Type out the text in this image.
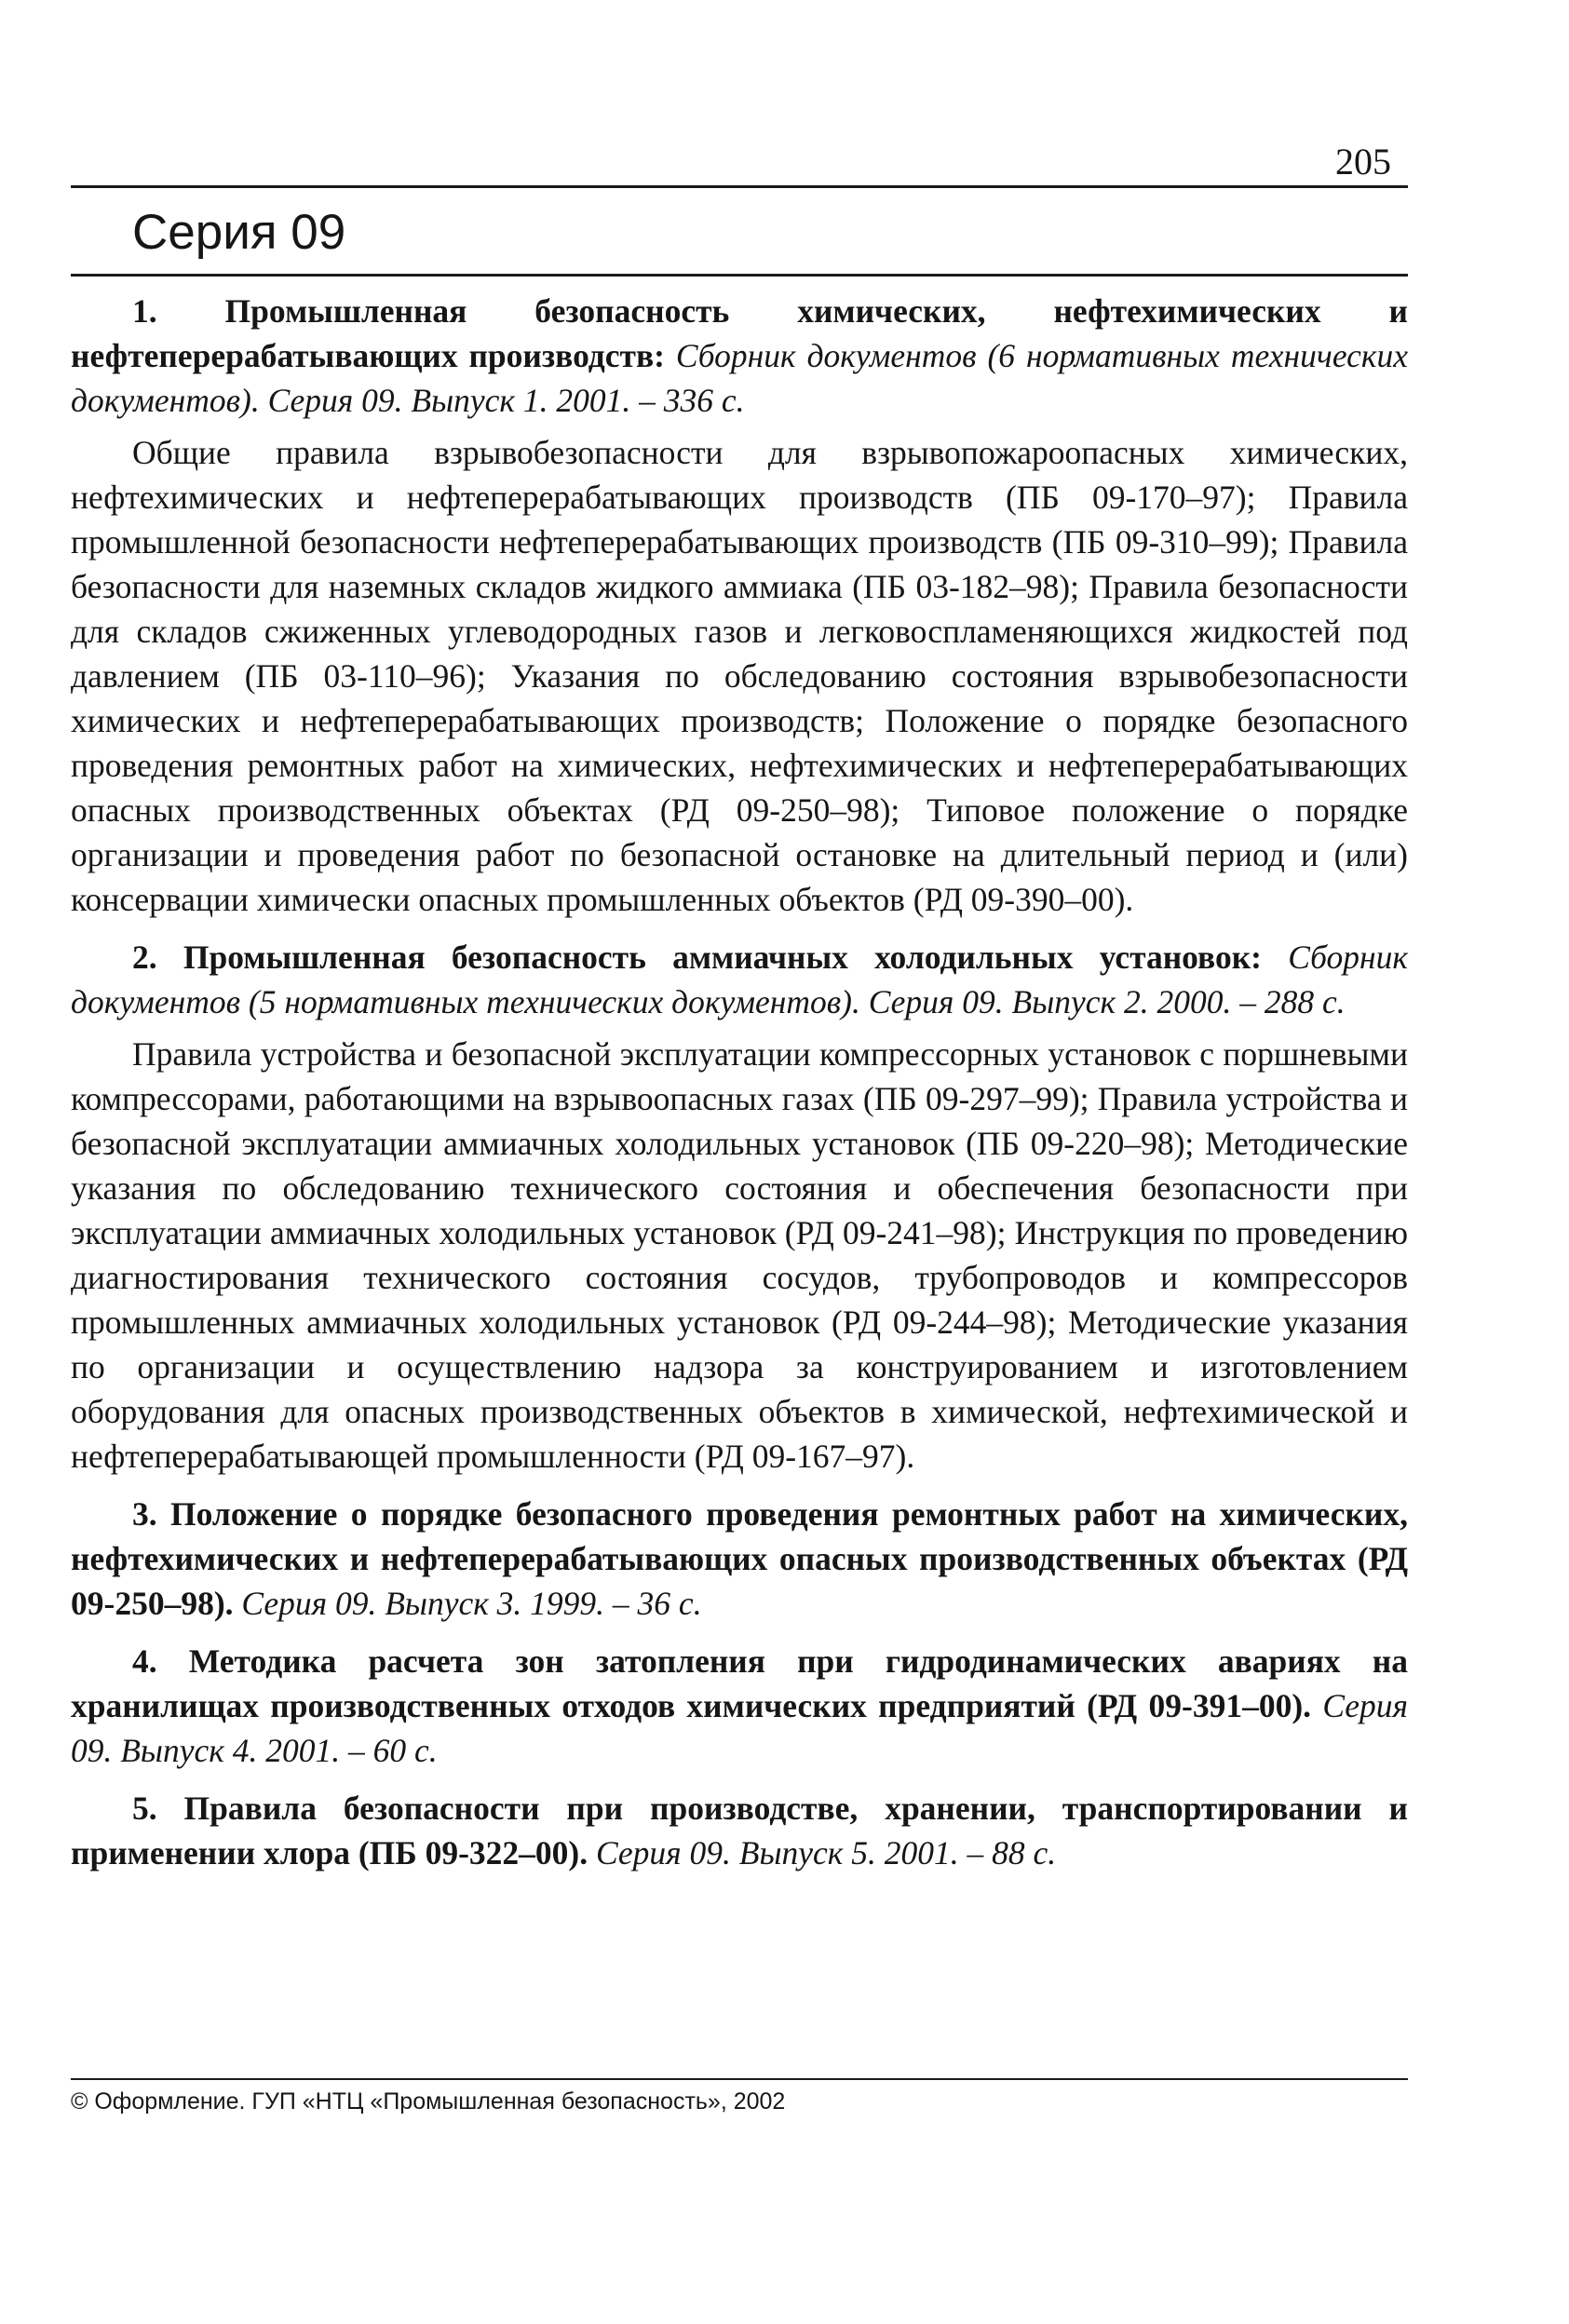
205
Серия 09

1. Промышленная безопасность химических, нефтехимических и нефтеперерабатывающих производств: Сборник документов (6 нормативных технических документов). Серия 09. Выпуск 1. 2001. – 336 с.

Общие правила взрывобезопасности для взрывопожароопасных химических, нефтехимических и нефтеперерабатывающих производств (ПБ 09-170–97); Правила промышленной безопасности нефтеперерабатывающих производств (ПБ 09-310–99); Правила безопасности для наземных складов жидкого аммиака (ПБ 03-182–98); Правила безопасности для складов сжиженных углеводородных газов и легковоспламеняющихся жидкостей под давлением (ПБ 03-110–96); Указания по обследованию состояния взрывобезопасности химических и нефтеперерабатывающих производств; Положение о порядке безопасного проведения ремонтных работ на химических, нефтехимических и нефтеперерабатывающих опасных производственных объектах (РД 09-250–98); Типовое положение о порядке организации и проведения работ по безопасной остановке на длительный период и (или) консервации химически опасных промышленных объектов (РД 09-390–00).

2. Промышленная безопасность аммиачных холодильных установок: Сборник документов (5 нормативных технических документов). Серия 09. Выпуск 2. 2000. – 288 с.

Правила устройства и безопасной эксплуатации компрессорных установок с поршневыми компрессорами, работающими на взрывоопасных газах (ПБ 09-297–99); Правила устройства и безопасной эксплуатации аммиачных холодильных установок (ПБ 09-220–98); Методические указания по обследованию технического состояния и обеспечения безопасности при эксплуатации аммиачных холодильных установок (РД 09-241–98); Инструкция по проведению диагностирования технического состояния сосудов, трубопроводов и компрессоров промышленных аммиачных холодильных установок (РД 09-244–98); Методические указания по организации и осуществлению надзора за конструированием и изготовлением оборудования для опасных производственных объектов в химической, нефтехимической и нефтеперерабатывающей промышленности (РД 09-167–97).

3. Положение о порядке безопасного проведения ремонтных работ на химических, нефтехимических и нефтеперерабатывающих опасных производственных объектах (РД 09-250–98). Серия 09. Выпуск 3. 1999. – 36 с.

4. Методика расчета зон затопления при гидродинамических авариях на хранилищах производственных отходов химических предприятий (РД 09-391–00). Серия 09. Выпуск 4. 2001. – 60 с.

5. Правила безопасности при производстве, хранении, транспортировании и применении хлора (ПБ 09-322–00). Серия 09. Выпуск 5. 2001. – 88 с.

© Оформление. ГУП «НТЦ «Промышленная безопасность», 2002
